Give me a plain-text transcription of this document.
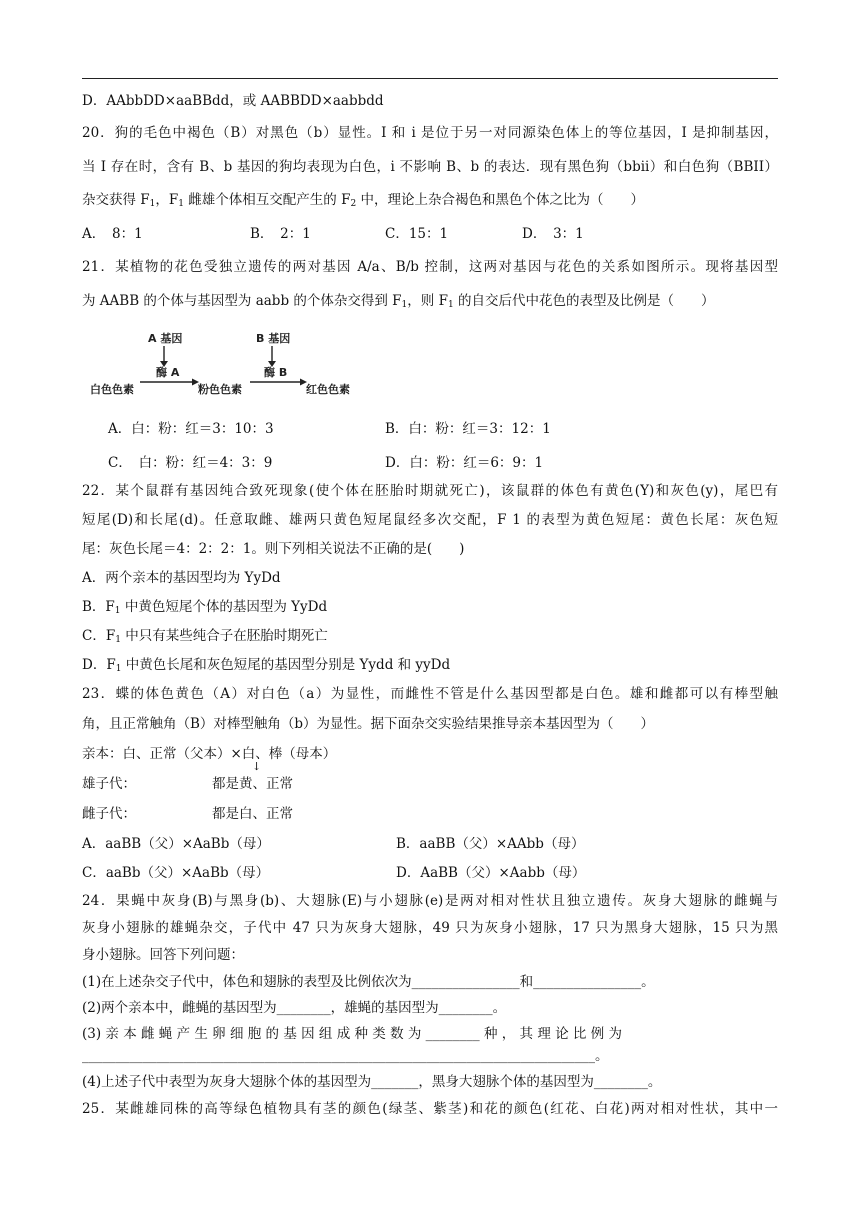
D．AAbbDD×aaBBdd，或 AABBDD×aabbdd
20．狗的毛色中褐色（B）对黑色（b）显性。I 和 i 是位于另一对同源染色体上的等位基因，I 是抑制基因，
当 I 存在时，含有 B、b 基因的狗均表现为白色，i 不影响 B、b 的表达．现有黑色狗（bbii）和白色狗（BBII）
杂交获得 $F_1$，$F_1$ 雌雄个体相互交配产生的 $F_2$ 中，理论上杂合褐色和黑色个体之比为（　　）
A．　8：1	B．　2：1	C．15：1	D．　3：1
21．某植物的花色受独立遗传的两对基因 A/a、B/b 控制，这两对基因与花色的关系如图所示。现将基因型
为 AABB 的个体与基因型为 aabb 的个体杂交得到 $F_1$，则 $F_1$ 的自交后代中花色的表型及比例是（　　）
A 基因	B 基因
酶 A	酶 B
白色色素	粉色色素	红色色素
A．白：粉：红＝3：10：3	B．白：粉：红＝3：12：1
C．　白：粉：红＝4：3：9	D．白：粉：红＝6：9：1
22．某个鼠群有基因纯合致死现象(使个体在胚胎时期就死亡)，该鼠群的体色有黄色(Y)和灰色(y)，尾巴有
短尾(D)和长尾(d)。任意取雌、雄两只黄色短尾鼠经多次交配，F 1 的表型为黄色短尾：黄色长尾：灰色短
尾：灰色长尾＝4：2：2：1。则下列相关说法不正确的是(　　)
A．两个亲本的基因型均为 YyDd
B．$F_1$ 中黄色短尾个体的基因型为 YyDd
C．$F_1$ 中只有某些纯合子在胚胎时期死亡
D．$F_1$ 中黄色长尾和灰色短尾的基因型分别是 Yydd 和 yyDd
23．蝶的体色黄色（A）对白色（a）为显性，而雌性不管是什么基因型都是白色。雄和雌都可以有棒型触
角，且正常触角（B）对棒型触角（b）为显性。据下面杂交实验结果推导亲本基因型为（　　）
亲本：白、正常（父本）×白、棒（母本）
↓
雄子代：	都是黄、正常
雌子代：	都是白、正常
A．aaBB（父）×AaBb（母）	B．aaBB（父）×AAbb（母）
C．aaBb（父）×AaBb（母）	D．AaBB（父）×Aabb（母）
24．果蝇中灰身(B)与黑身(b)、大翅脉(E)与小翅脉(e)是两对相对性状且独立遗传。灰身大翅脉的雌蝇与
灰身小翅脉的雄蝇杂交，子代中 47 只为灰身大翅脉，49 只为灰身小翅脉，17 只为黑身大翅脉，15 只为黑
身小翅脉。回答下列问题：
(1)在上述杂交子代中，体色和翅脉的表型及比例依次为________________和________________。
(2)两个亲本中，雌蝇的基因型为________，雄蝇的基因型为________。
(3) 亲 本 雌 蝇 产 生 卵 细 胞 的 基 因 组 成 种 类 数 为 ________ 种 ， 其 理 论 比 例 为
____________________________________________________________________________。
(4)上述子代中表型为灰身大翅脉个体的基因型为_______，黑身大翅脉个体的基因型为________。
25．某雌雄同株的高等绿色植物具有茎的颜色(绿茎、紫茎)和花的颜色(红花、白花)两对相对性状，其中一
